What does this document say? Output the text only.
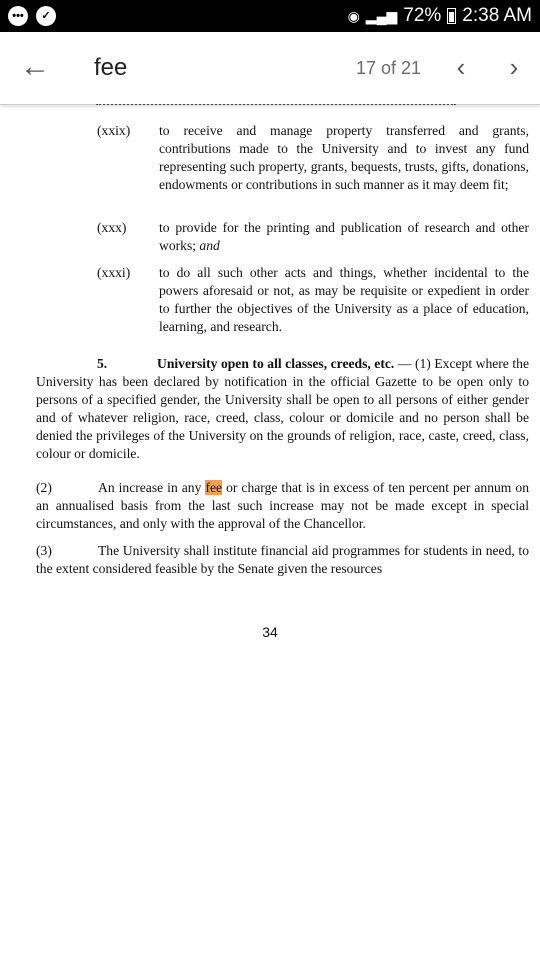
•••	✓	◉ ▂▄▆ 72% 2:38 AM
← fee	17 of 21	‹	›
(xxix) to receive and manage property transferred and grants, contributions made to the University and to invest any fund representing such property, grants, bequests, trusts, gifts, donations, endowments or contributions in such manner as it may deem fit;
(xxx) to provide for the printing and publication of research and other works; and
(xxxi) to do all such other acts and things, whether incidental to the powers aforesaid or not, as may be requisite or expedient in order to further the objectives of the University as a place of education, learning, and research.
5.	University open to all classes, creeds, etc. — (1) Except where the University has been declared by notification in the official Gazette to be open only to persons of a specified gender, the University shall be open to all persons of either gender and of whatever religion, race, creed, class, colour or domicile and no person shall be denied the privileges of the University on the grounds of religion, race, caste, creed, class, colour or domicile.
(2)	An increase in any fee or charge that is in excess of ten percent per annum on an annualised basis from the last such increase may not be made except in special circumstances, and only with the approval of the Chancellor.
(3)	The University shall institute financial aid programmes for students in need, to the extent considered feasible by the Senate given the resources
34
